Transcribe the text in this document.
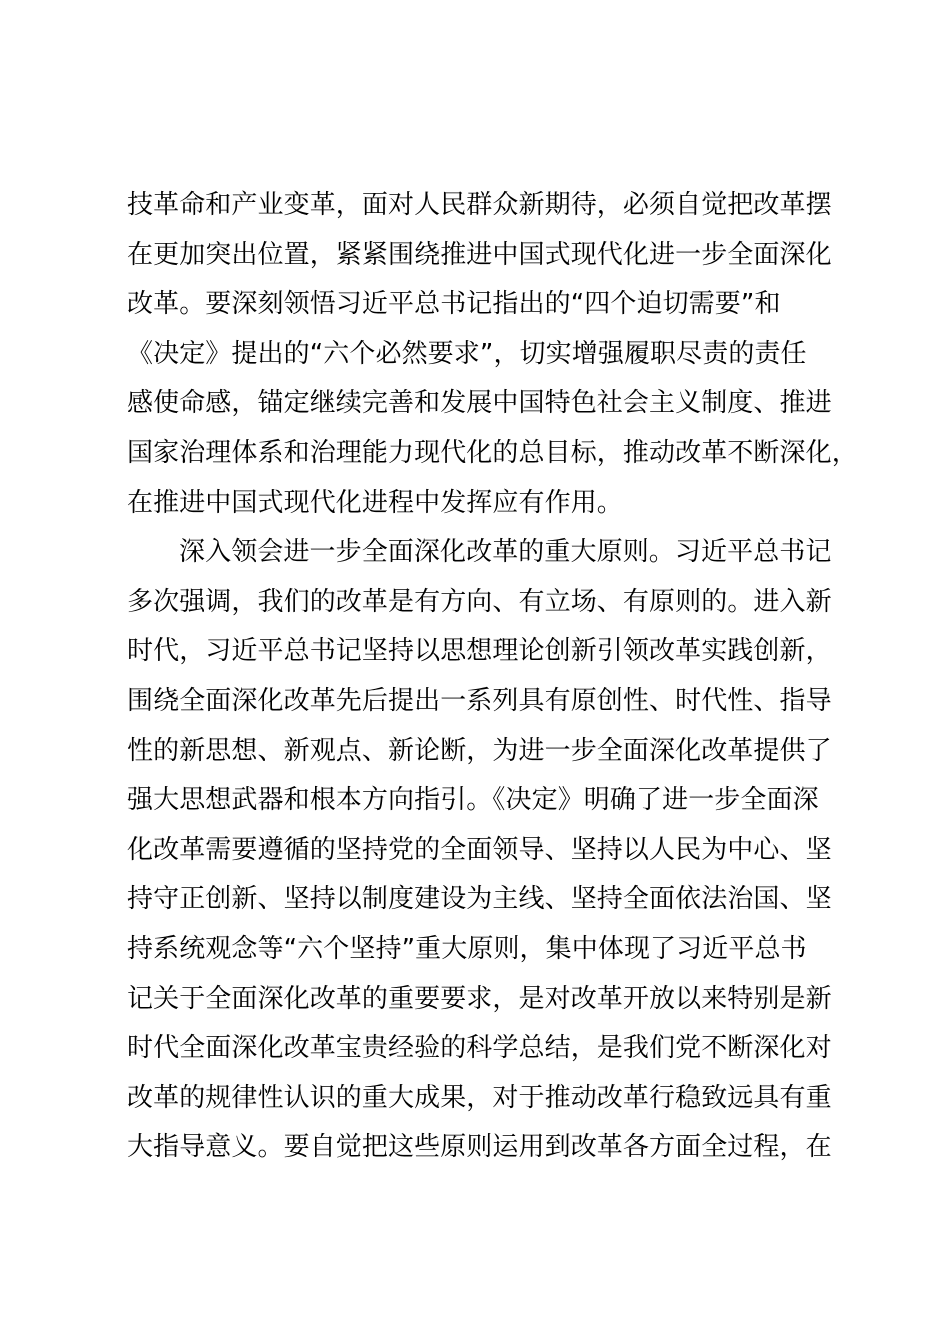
技革命和产业变革，面对人民群众新期待，必须自觉把改革摆
在更加突出位置，紧紧围绕推进中国式现代化进一步全面深化
改革。要深刻领悟习近平总书记指出的“四个迫切需要”和
《决定》提出的“六个必然要求”，切实增强履职尽责的责任
感使命感，锚定继续完善和发展中国特色社会主义制度、推进
国家治理体系和治理能力现代化的总目标，推动改革不断深化，
在推进中国式现代化进程中发挥应有作用。
深入领会进一步全面深化改革的重大原则。习近平总书记
多次强调，我们的改革是有方向、有立场、有原则的。进入新
时代，习近平总书记坚持以思想理论创新引领改革实践创新，
围绕全面深化改革先后提出一系列具有原创性、时代性、指导
性的新思想、新观点、新论断，为进一步全面深化改革提供了
强大思想武器和根本方向指引。《决定》明确了进一步全面深
化改革需要遵循的坚持党的全面领导、坚持以人民为中心、坚
持守正创新、坚持以制度建设为主线、坚持全面依法治国、坚
持系统观念等“六个坚持”重大原则，集中体现了习近平总书
记关于全面深化改革的重要要求，是对改革开放以来特别是新
时代全面深化改革宝贵经验的科学总结，是我们党不断深化对
改革的规律性认识的重大成果，对于推动改革行稳致远具有重
大指导意义。要自觉把这些原则运用到改革各方面全过程，在
